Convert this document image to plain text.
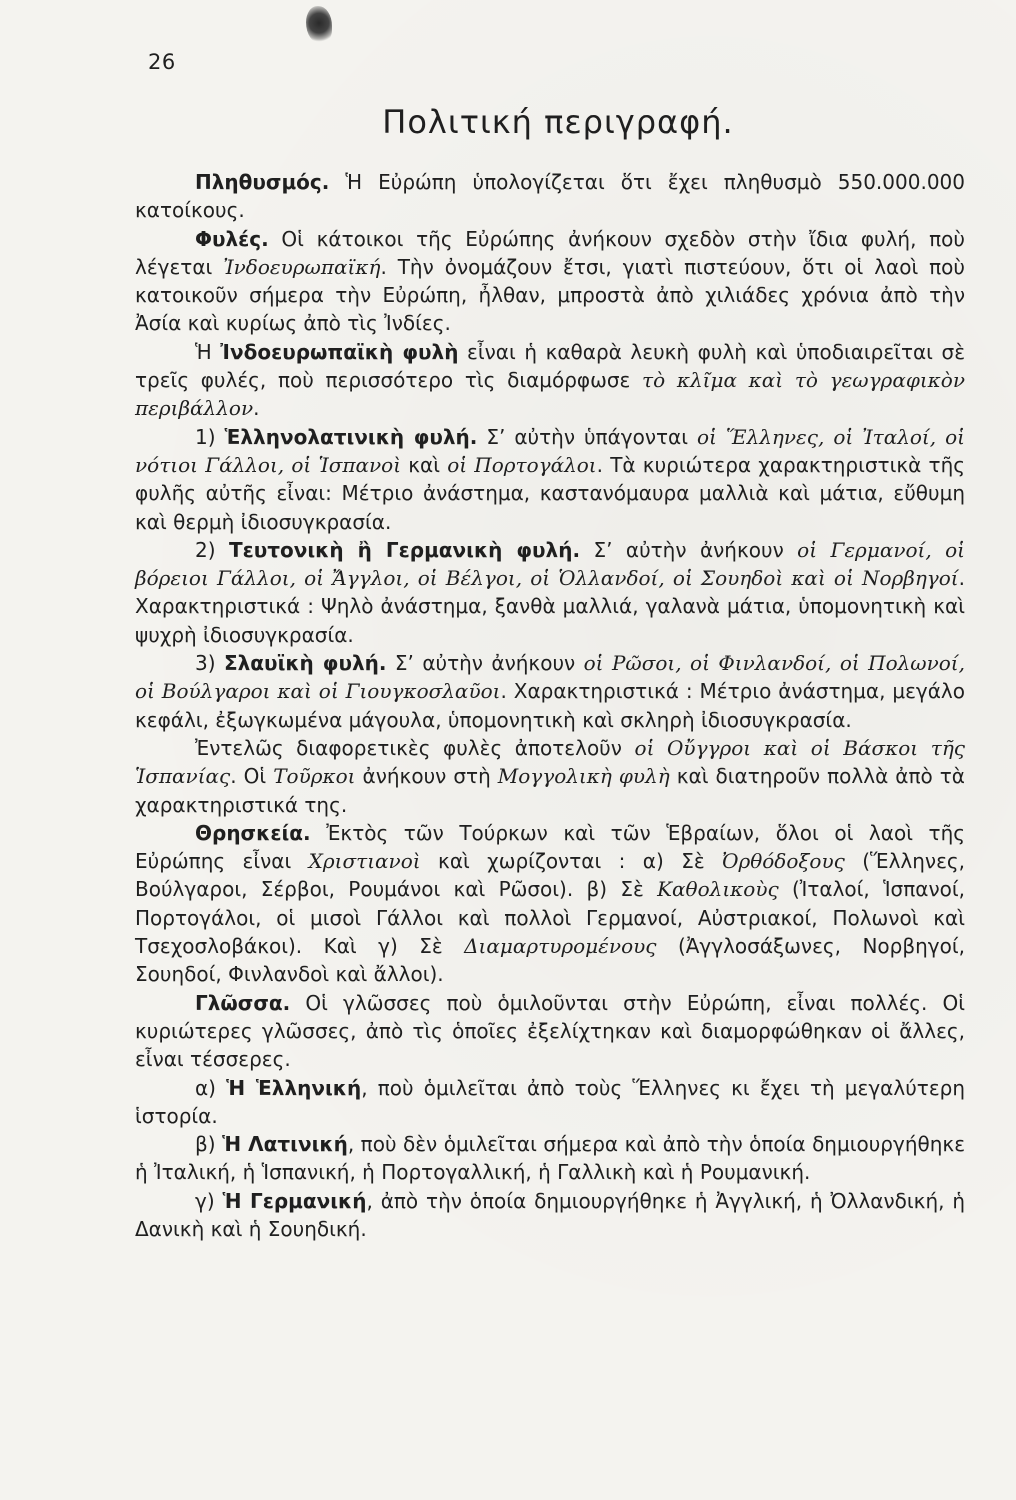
26
Πολιτική περιγραφή.

Πληθυσμός. Ἡ Εὐρώπη ὑπολογίζεται ὅτι ἔχει πληθυσμὸ 550.000.000 κατοίκους.

Φυλές. Οἱ κάτοικοι τῆς Εὐρώπης ἀνήκουν σχεδὸν στὴν ἴδια φυλή, ποὺ λέγεται Ἰνδοευρωπαϊκή. Τὴν ὀνομάζουν ἔτσι, γιατὶ πιστεύουν, ὅτι οἱ λαοὶ ποὺ κατοικοῦν σήμερα τὴν Εὐρώπη, ἦλθαν, μπροστὰ ἀπὸ χιλιάδες χρόνια ἀπὸ τὴν Ἀσία καὶ κυρίως ἀπὸ τὶς Ἰνδίες.

Ἡ Ἰνδοευρωπαϊκὴ φυλὴ εἶναι ἡ καθαρὰ λευκὴ φυλὴ καὶ ὑποδιαιρεῖται σὲ τρεῖς φυλές, ποὺ περισσότερο τὶς διαμόρφωσε τὸ κλῖμα καὶ τὸ γεωγραφικὸν περιβάλλον.

1) Ἑλληνολατινικὴ φυλή. Σ’ αὐτὴν ὑπάγονται οἱ Ἕλληνες, οἱ Ἰταλοί, οἱ νότιοι Γάλλοι, οἱ Ἱσπανοὶ καὶ οἱ Πορτογάλοι. Τὰ κυριώτερα χαρακτηριστικὰ τῆς φυλῆς αὐτῆς εἶναι: Μέτριο ἀνάστημα, καστανόμαυρα μαλλιὰ καὶ μάτια, εὔθυμη καὶ θερμὴ ἰδιοσυγκρασία.

2) Τευτονικὴ ἢ Γερμανικὴ φυλή. Σ’ αὐτὴν ἀνήκουν οἱ Γερμανοί, οἱ βόρειοι Γάλλοι, οἱ Ἄγγλοι, οἱ Βέλγοι, οἱ Ὁλλανδοί, οἱ Σουηδοὶ καὶ οἱ Νορβηγοί. Χαρακτηριστικά : Ψηλὸ ἀνάστημα, ξανθὰ μαλλιά, γαλανὰ μάτια, ὑπομονητικὴ καὶ ψυχρὴ ἰδιοσυγκρασία.

3) Σλαυϊκὴ φυλή. Σ’ αὐτὴν ἀνήκουν οἱ Ρῶσοι, οἱ Φινλανδοί, οἱ Πολωνοί, οἱ Βούλγαροι καὶ οἱ Γιουγκοσλαῦοι. Χαρακτηριστικά : Μέτριο ἀνάστημα, μεγάλο κεφάλι, ἐξωγκωμένα μάγουλα, ὑπομονητικὴ καὶ σκληρὴ ἰδιοσυγκρασία.

Ἐντελῶς διαφορετικὲς φυλὲς ἀποτελοῦν οἱ Οὔγγροι καὶ οἱ Βάσκοι τῆς Ἱσπανίας. Οἱ Τοῦρκοι ἀνήκουν στὴ Μογγολικὴ φυλὴ καὶ διατηροῦν πολλὰ ἀπὸ τὰ χαρακτηριστικά της.

Θρησκεία. Ἐκτὸς τῶν Τούρκων καὶ τῶν Ἑβραίων, ὅλοι οἱ λαοὶ τῆς Εὐρώπης εἶναι Χριστιανοὶ καὶ χωρίζονται : α) Σὲ Ὀρθόδοξους (Ἕλληνες, Βούλγαροι, Σέρβοι, Ρουμάνοι καὶ Ρῶσοι). β) Σὲ Καθολικοὺς (Ἰταλοί, Ἱσπανοί, Πορτογάλοι, οἱ μισοὶ Γάλλοι καὶ πολλοὶ Γερμανοί, Αὐστριακοί, Πολωνοὶ καὶ Τσεχοσλοβάκοι). Καὶ γ) Σὲ Διαμαρτυρομένους (Ἀγγλοσάξωνες, Νορβηγοί, Σουηδοί, Φινλανδοὶ καὶ ἄλλοι).

Γλῶσσα. Οἱ γλῶσσες ποὺ ὁμιλοῦνται στὴν Εὐρώπη, εἶναι πολλές. Οἱ κυριώτερες γλῶσσες, ἀπὸ τὶς ὁποῖες ἐξελίχτηκαν καὶ διαμορφώθηκαν οἱ ἄλλες, εἶναι τέσσερες.

α) Ἡ Ἑλληνική, ποὺ ὁμιλεῖται ἀπὸ τοὺς Ἕλληνες κι ἔχει τὴ μεγαλύτερη ἱστορία.

β) Ἡ Λατινική, ποὺ δὲν ὁμιλεῖται σήμερα καὶ ἀπὸ τὴν ὁποία δημιουργήθηκε ἡ Ἰταλική, ἡ Ἱσπανική, ἡ Πορτογαλλική, ἡ Γαλλικὴ καὶ ἡ Ρουμανική.

γ) Ἡ Γερμανική, ἀπὸ τὴν ὁποία δημιουργήθηκε ἡ Ἀγγλική, ἡ Ὀλλανδική, ἡ Δανικὴ καὶ ἡ Σουηδική.
